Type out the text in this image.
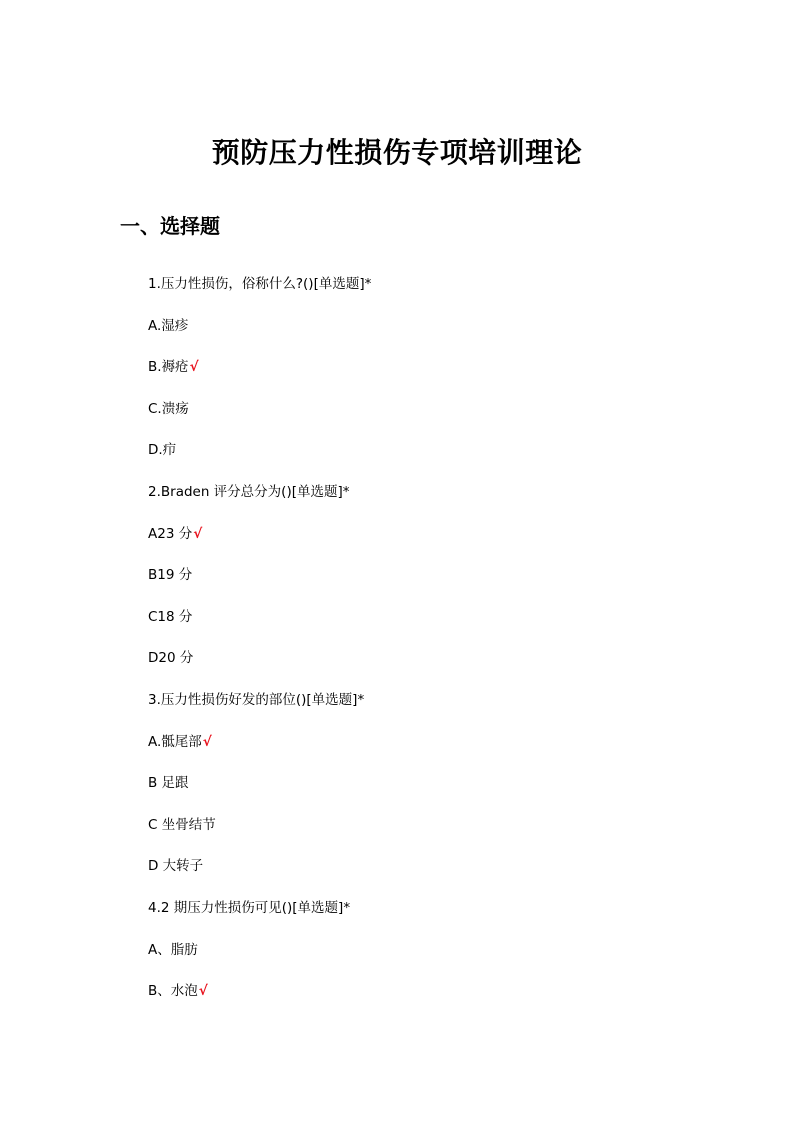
预防压力性损伤专项培训理论
一、选择题
1.压力性损伤，俗称什么?()[单选题]*
A.湿疹
B.褥疮√
C.溃疡
D.疖
2.Braden 评分总分为()[单选题]*
A23 分√
B19 分
C18 分
D20 分
3.压力性损伤好发的部位()[单选题]*
A.骶尾部√
B 足跟
C 坐骨结节
D 大转子
4.2 期压力性损伤可见()[单选题]*
A、脂肪
B、水泡√
